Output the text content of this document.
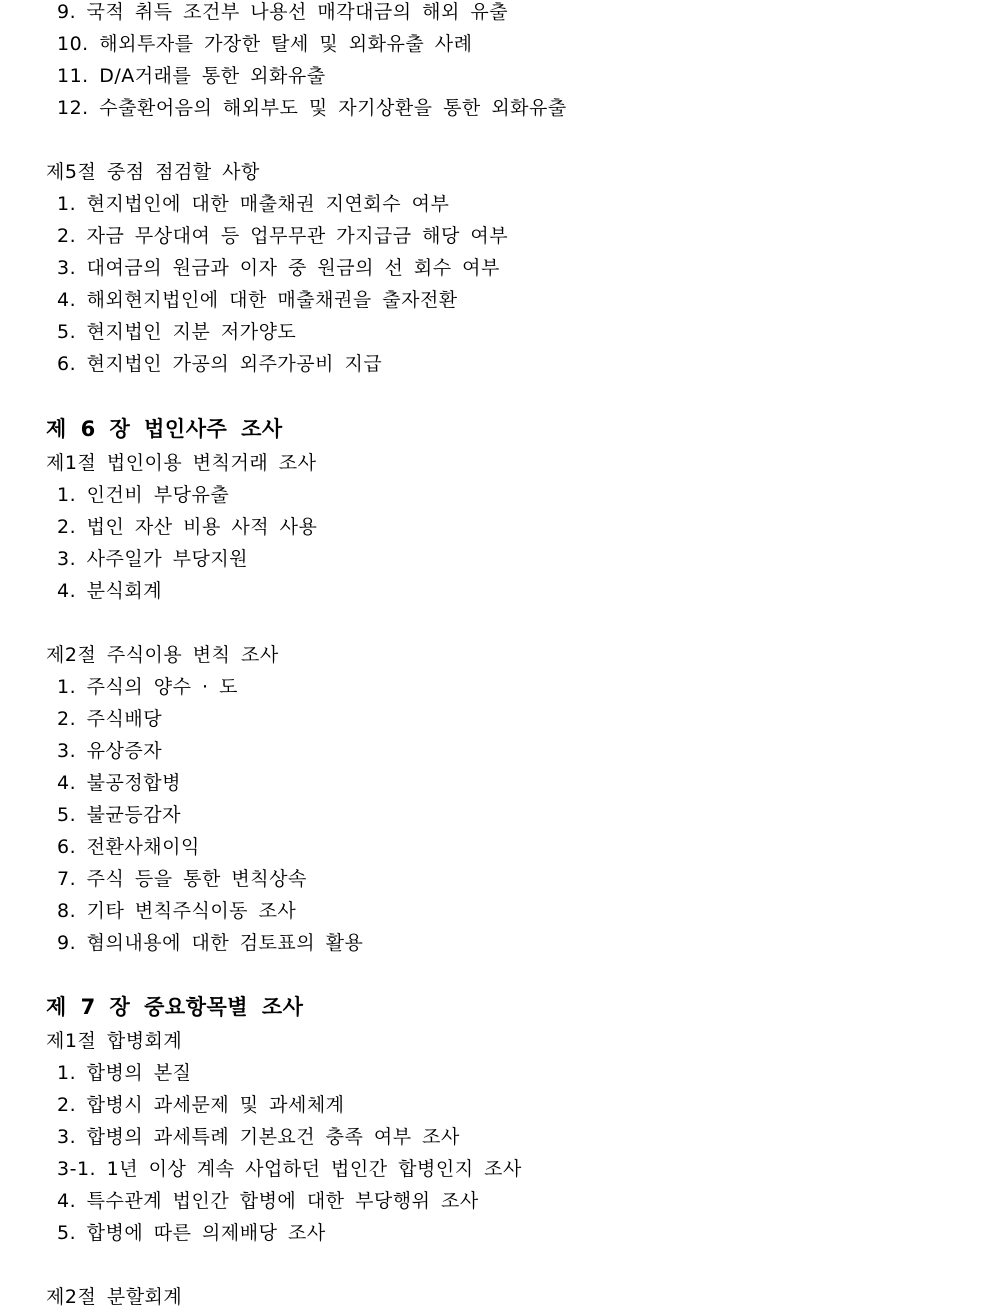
9. 국적 취득 조건부 나용선 매각대금의 해외 유출
10. 해외투자를 가장한 탈세 및 외화유출 사례
11. D/A거래를 통한 외화유출
12. 수출환어음의 해외부도 및 자기상환을 통한 외화유출
제5절 중점 점검할 사항
1. 현지법인에 대한 매출채권 지연회수 여부
2. 자금 무상대여 등 업무무관 가지급금 해당 여부
3. 대여금의 원금과 이자 중 원금의 선 회수 여부
4. 해외현지법인에 대한 매출채권을 출자전환
5. 현지법인 지분 저가양도
6. 현지법인 가공의 외주가공비 지급
제 6 장 법인사주 조사
제1절 법인이용 변칙거래 조사
1. 인건비 부당유출
2. 법인 자산 비용 사적 사용
3. 사주일가 부당지원
4. 분식회계
제2절 주식이용 변칙 조사
1. 주식의 양수 · 도
2. 주식배당
3. 유상증자
4. 불공정합병
5. 불균등감자
6. 전환사채이익
7. 주식 등을 통한 변칙상속
8. 기타 변칙주식이동 조사
9. 혐의내용에 대한 검토표의 활용
제 7 장 중요항목별 조사
제1절 합병회계
1. 합병의 본질
2. 합병시 과세문제 및 과세체계
3. 합병의 과세특례 기본요건 충족 여부 조사
3-1. 1년 이상 계속 사업하던 법인간 합병인지 조사
4. 특수관계 법인간 합병에 대한 부당행위 조사
5. 합병에 따른 의제배당 조사
제2절 분할회계
